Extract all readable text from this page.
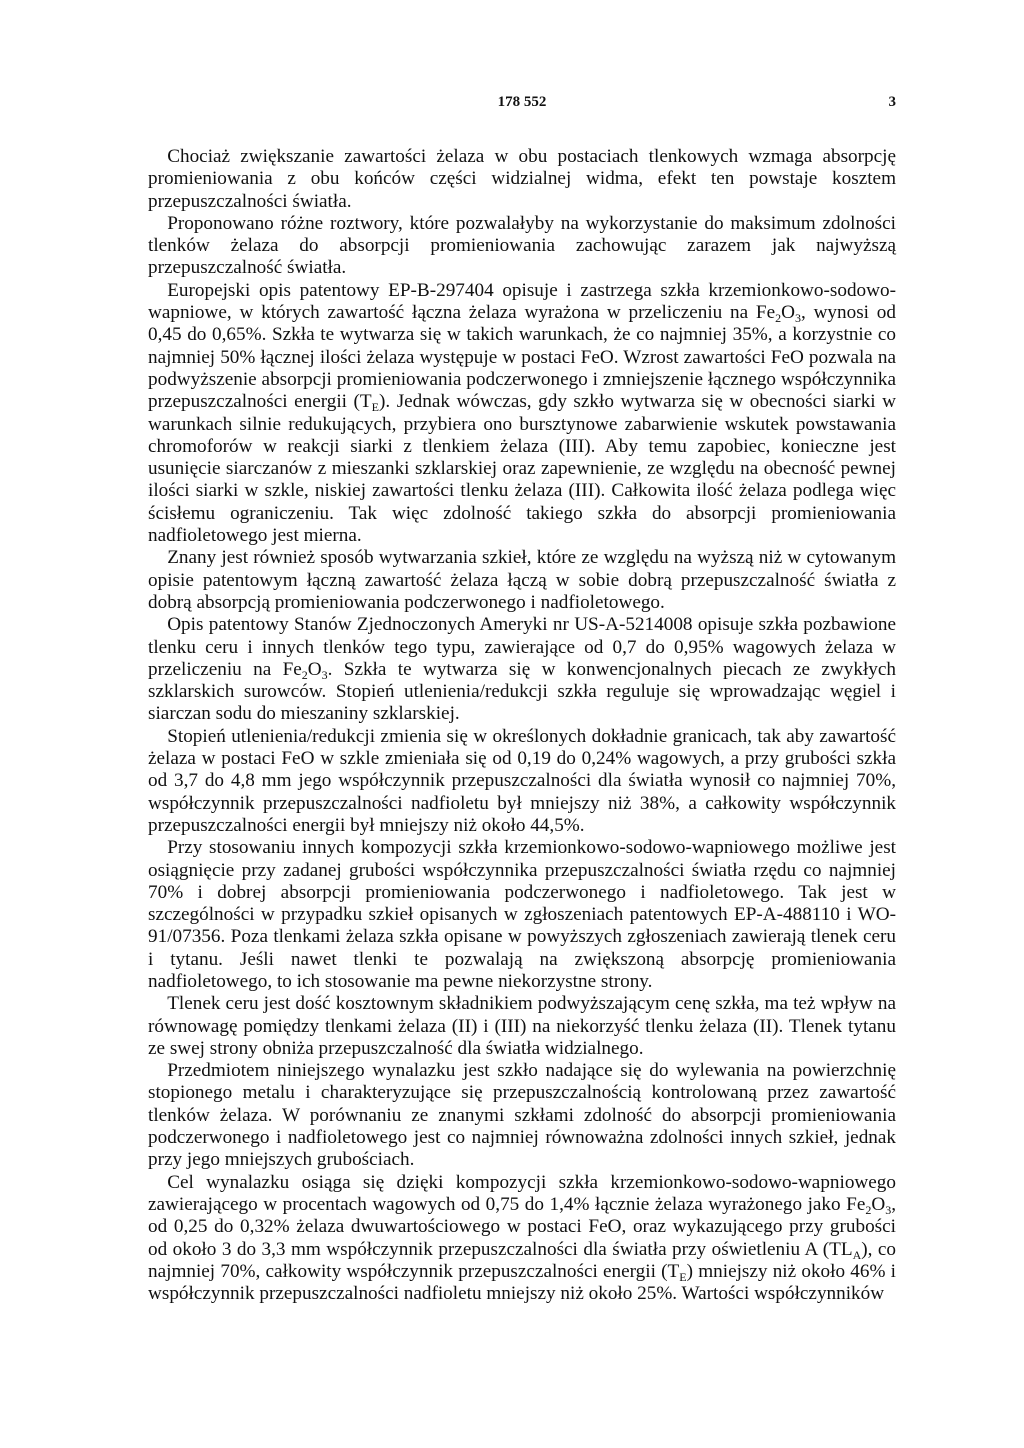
178 552	3

 Chociaż zwiększanie zawartości żelaza w obu postaciach tlenkowych wzmaga absorpcję promieniowania z obu końców części widzialnej widma, efekt ten powstaje kosztem przepuszczalności światła.

 Proponowano różne roztwory, które pozwalałyby na wykorzystanie do maksimum zdolności tlenków żelaza do absorpcji promieniowania zachowując zarazem jak najwyższą przepuszczalność światła.

 Europejski opis patentowy EP-B-297404 opisuje i zastrzega szkła krzemionkowo-sodowo-wapniowe, w których zawartość łączna żelaza wyrażona w przeliczeniu na $Fe_2O_3$, wynosi od 0,45 do 0,65%. Szkła te wytwarza się w takich warunkach, że co najmniej 35%, a korzystnie co najmniej 50% łącznej ilości żelaza występuje w postaci FeO. Wzrost zawartości FeO pozwala na podwyższenie absorpcji promieniowania podczerwonego i zmniejszenie łącznego współczynnika przepuszczalności energii $(T_E)$. Jednak wówczas, gdy szkło wytwarza się w obecności siarki w warunkach silnie redukujących, przybiera ono bursztynowe zabarwienie wskutek powstawania chromoforów w reakcji siarki z tlenkiem żelaza (III). Aby temu zapobiec, konieczne jest usunięcie siarczanów z mieszanki szklarskiej oraz zapewnienie, ze względu na obecność pewnej ilości siarki w szkle, niskiej zawartości tlenku żelaza (III). Całkowita ilość żelaza podlega więc ścisłemu ograniczeniu. Tak więc zdolność takiego szkła do absorpcji promieniowania nadfioletowego jest mierna.

 Znany jest również sposób wytwarzania szkieł, które ze względu na wyższą niż w cytowanym opisie patentowym łączną zawartość żelaza łączą w sobie dobrą przepuszczalność światła z dobrą absorpcją promieniowania podczerwonego i nadfioletowego.

 Opis patentowy Stanów Zjednoczonych Ameryki nr US-A-5214008 opisuje szkła pozbawione tlenku ceru i innych tlenków tego typu, zawierające od 0,7 do 0,95% wagowych żelaza w przeliczeniu na $Fe_2O_3$. Szkła te wytwarza się w konwencjonalnych piecach ze zwykłych szklarskich surowców. Stopień utlenienia/redukcji szkła reguluje się wprowadzając węgiel i siarczan sodu do mieszaniny szklarskiej.

 Stopień utlenienia/redukcji zmienia się w określonych dokładnie granicach, tak aby zawartość żelaza w postaci FeO w szkle zmieniała się od 0,19 do 0,24% wagowych, a przy grubości szkła od 3,7 do 4,8 mm jego współczynnik przepuszczalności dla światła wynosił co najmniej 70%, współczynnik przepuszczalności nadfioletu był mniejszy niż 38%, a całkowity współczynnik przepuszczalności energii był mniejszy niż około 44,5%.

 Przy stosowaniu innych kompozycji szkła krzemionkowo-sodowo-wapniowego możliwe jest osiągnięcie przy zadanej grubości współczynnika przepuszczalności światła rzędu co najmniej 70% i dobrej absorpcji promieniowania podczerwonego i nadfioletowego. Tak jest w szczególności w przypadku szkieł opisanych w zgłoszeniach patentowych EP-A-488110 i WO-91/07356. Poza tlenkami żelaza szkła opisane w powyższych zgłoszeniach zawierają tlenek ceru i tytanu. Jeśli nawet tlenki te pozwalają na zwiększoną absorpcję promieniowania nadfioletowego, to ich stosowanie ma pewne niekorzystne strony.

 Tlenek ceru jest dość kosztownym składnikiem podwyższającym cenę szkła, ma też wpływ na równowagę pomiędzy tlenkami żelaza (II) i (III) na niekorzyść tlenku żelaza (II). Tlenek tytanu ze swej strony obniża przepuszczalność dla światła widzialnego.

 Przedmiotem niniejszego wynalazku jest szkło nadające się do wylewania na powierzchnię stopionego metalu i charakteryzujące się przepuszczalnością kontrolowaną przez zawartość tlenków żelaza. W porównaniu ze znanymi szkłami zdolność do absorpcji promieniowania podczerwonego i nadfioletowego jest co najmniej równoważna zdolności innych szkieł, jednak przy jego mniejszych grubościach.

 Cel wynalazku osiąga się dzięki kompozycji szkła krzemionkowo-sodowo-wapniowego zawierającego w procentach wagowych od 0,75 do 1,4% łącznie żelaza wyrażonego jako $Fe_2O_3$, od 0,25 do 0,32% żelaza dwuwartościowego w postaci FeO, oraz wykazującego przy grubości od około 3 do 3,3 mm współczynnik przepuszczalności dla światła przy oświetleniu A $(TL_A)$, co najmniej 70%, całkowity współczynnik przepuszczalności energii $(T_E)$ mniejszy niż około 46% i współczynnik przepuszczalności nadfioletu mniejszy niż około 25%. Wartości współczynników
